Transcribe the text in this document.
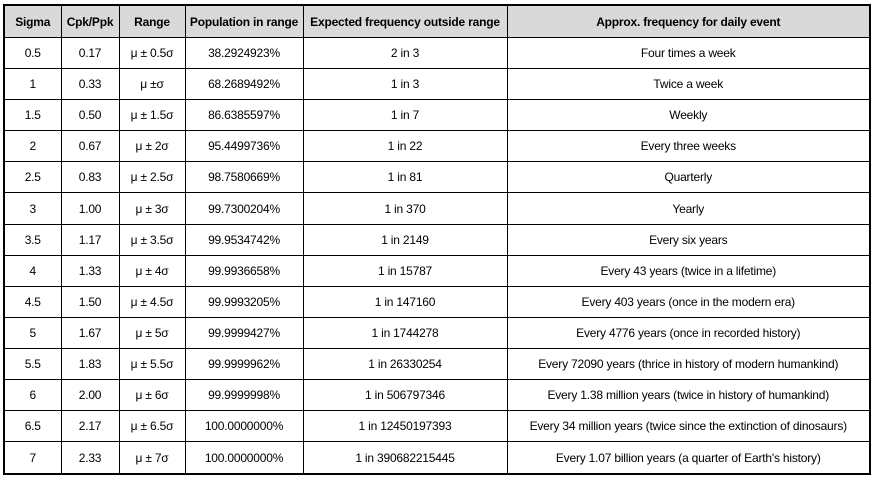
Sigma	Cpk/Ppk	Range	Population in range	Expected frequency outside range	Approx. frequency for daily event
0.5	0.17	μ ± 0.5σ	38.2924923%	2 in 3	Four times a week
1	0.33	μ ±σ	68.2689492%	1 in 3	Twice a week
1.5	0.50	μ ± 1.5σ	86.6385597%	1 in 7	Weekly
2	0.67	μ ± 2σ	95.4499736%	1 in 22	Every three weeks
2.5	0.83	μ ± 2.5σ	98.7580669%	1 in 81	Quarterly
3	1.00	μ ± 3σ	99.7300204%	1 in 370	Yearly
3.5	1.17	μ ± 3.5σ	99.9534742%	1 in 2149	Every six years
4	1.33	μ ± 4σ	99.9936658%	1 in 15787	Every 43 years (twice in a lifetime)
4.5	1.50	μ ± 4.5σ	99.9993205%	1 in 147160	Every 403 years (once in the modern era)
5	1.67	μ ± 5σ	99.9999427%	1 in 1744278	Every 4776 years (once in recorded history)
5.5	1.83	μ ± 5.5σ	99.9999962%	1 in 26330254	Every 72090 years (thrice in history of modern humankind)
6	2.00	μ ± 6σ	99.9999998%	1 in 506797346	Every 1.38 million years (twice in history of humankind)
6.5	2.17	μ ± 6.5σ	100.0000000%	1 in 12450197393	Every 34 million years (twice since the extinction of dinosaurs)
7	2.33	μ ± 7σ	100.0000000%	1 in 390682215445	Every 1.07 billion years (a quarter of Earth's history)
